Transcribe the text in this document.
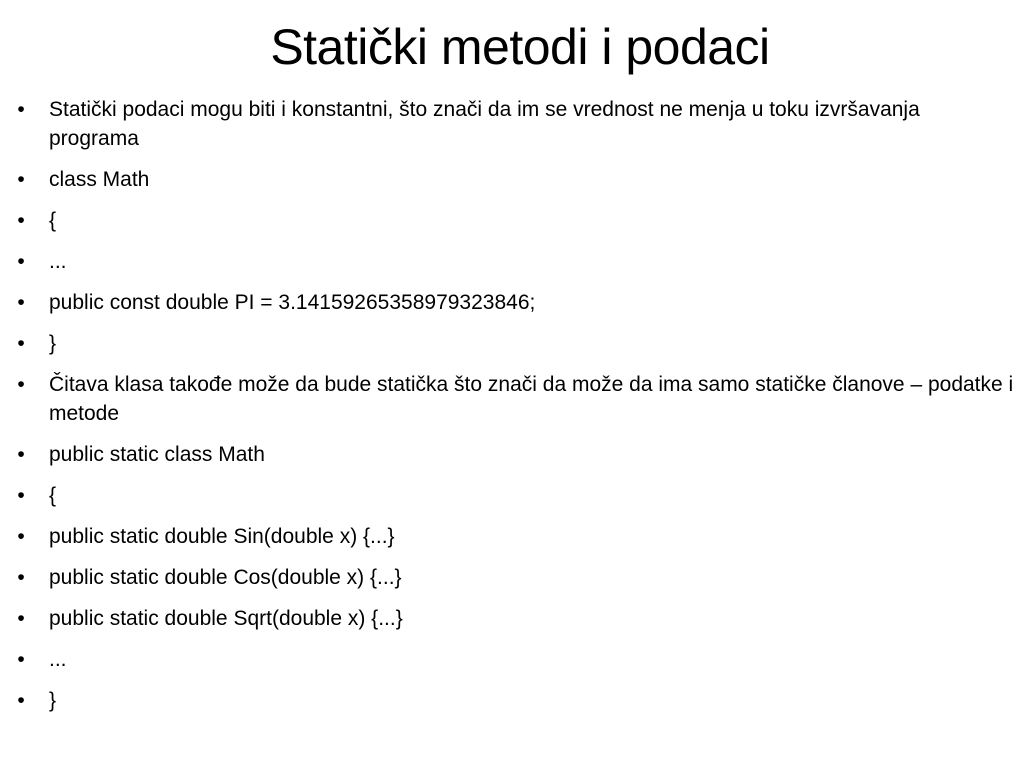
Statički metodi i podaci
• Statički podaci mogu biti i konstantni, što znači da im se vrednost ne menja u toku izvršavanja programa
• class Math
• {
• ...
• public const double PI = 3.14159265358979323846;
• }
• Čitava klasa takođe može da bude statička što znači da može da ima samo statičke članove – podatke i metode
• public static class Math
• {
• public static double Sin(double x) {...}
• public static double Cos(double x) {...}
• public static double Sqrt(double x) {...}
• ...
• }
